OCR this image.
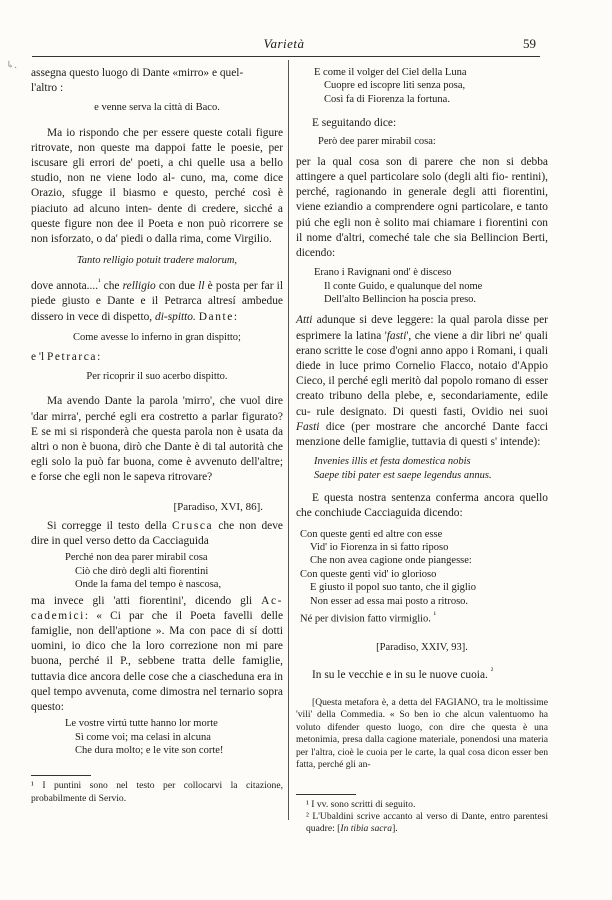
Varietà	59
↳.

assegna questo luogo di Dante «mirro» e quel-
l'altro :

e venne serva la città di Baco.

Ma io rispondo che per essere queste cotali figure ritrovate, non queste ma dappoi fatte le poesie, per iscusare gli errori de' poeti, a chi quelle usa a bello studio, non ne viene lodo al- cuno, ma, come dice Orazio, sfugge il biasmo e questo, perché così è piaciuto ad alcuno inten- dente di credere, sicché a queste figure non dee il Poeta e non può ricorrere se non isforzato, o da' piedi o dalla rima, come Virgilio.

Tanto relligio potuit tradere malorum,

dove annota....$^{^1}$ che relligio con due ll è posta per far il piede giusto e Dante e il Petrarca altresí ambedue dissero in vece di dispetto, di-spitto. Dante:

Come avesse lo inferno in gran dispitto;

e 'l Petrarca:

Per ricoprir il suo acerbo dispitto.

Ma avendo Dante la parola 'mirro', che vuol dire 'dar mirra', perché egli era costretto a parlar figurato? E se mi si risponderà che questa parola non è usata da altri o non è buona, dirò che Dante è di tal autorità che egli solo la può far buona, come è avvenuto dell'altre; e forse che egli non le sapeva ritrovare?

[Paradiso, XVI, 86].

Si corregge il testo della Crusca che non deve dire in quel verso detto da Cacciaguida

Perché non dea parer mirabil cosa
Ciò che dirò degli alti fiorentini
Onde la fama del tempo è nascosa,

ma invece gli 'atti fiorentini', dicendo gli Ac- cademici: « Ci par che il Poeta favelli delle famiglie, non dell'aptione ». Ma con pace di sí dotti uomini, io dico che la loro correzione non mi pare buona, perché il P., sebbene tratta delle famiglie, tuttavia dice ancora delle cose che a ciascheduna era in quel tempo avvenuta, come dimostra nel ternario sopra questo:

Le vostre virtú tutte hanno lor morte
Sì come voi; ma celasi in alcuna
Che dura molto; e le vite son corte!
¹ I puntini sono nel testo per collocarvi la citazione, probabilmente di Servio.
E come il volger del Ciel della Luna
Cuopre ed iscopre liti senza posa,
Così fa di Fiorenza la fortuna.

E seguitando dice:

Però dee parer mirabil cosa:

per la qual cosa son di parere che non si debba attingere a quel particolare solo (degli alti fio- rentini), perché, ragionando in generale degli atti fiorentini, viene eziandio a comprendere ogni particolare, e tanto piú che egli non è solito mai chiamare i fiorentini con il nome d'altri, comeché tale che sia Bellincion Berti, dicendo:

Erano i Ravignani ond' è disceso
Il conte Guido, e qualunque del nome
Dell'alto Bellincion ha poscia preso.

Atti adunque si deve leggere: la qual parola disse per esprimere la latina 'fasti', che viene a dir libri ne' quali erano scritte le cose d'ogni anno appo i Romani, i quali diede in luce primo Cornelio Flacco, notaio d'Appio Cieco, il perché egli meritò dal popolo romano di esser creato tribuno della plebe, e, secondariamente, edile cu- rule designato. Di questi fasti, Ovidio nei suoi Fasti dice (per mostrare che ancorché Dante facci menzione delle famiglie, tuttavia di questi s' intende):

Invenies illis et festa domestica nobis
Saepe tibi pater est saepe legendus annus.

E questa nostra sentenza conferma ancora quello che conchiude Cacciaguida dicendo:

Con queste genti ed altre con esse
Vid' io Fiorenza in sì fatto riposo
Che non avea cagione onde piangesse:
Con queste genti vid' io glorioso
E giusto il popol suo tanto, che il giglio
Non esser ad essa mai posto a ritroso.
Né per division fatto virmiglio. $^{^1}$
[Paradiso, XXIV, 93].

In su le vecchie e in su le nuove cuoia. $^{^2}$

[Questa metafora è, a detta del FAGIANO, tra le moltissime 'vili' della Commedia. « So ben io che alcun valentuomo ha voluto difender questo luogo, con dire che questa è una metonimia, presa dalla cagione materiale, ponendosi una materia per l'altra, cioè le cuoia per le carte, la qual cosa dicon esser ben fatta, perché gli an-
¹ I vv. sono scritti di seguito.
² L'Ubaldini scrive accanto al verso di Dante, entro parentesi quadre: [In tibia sacra].
